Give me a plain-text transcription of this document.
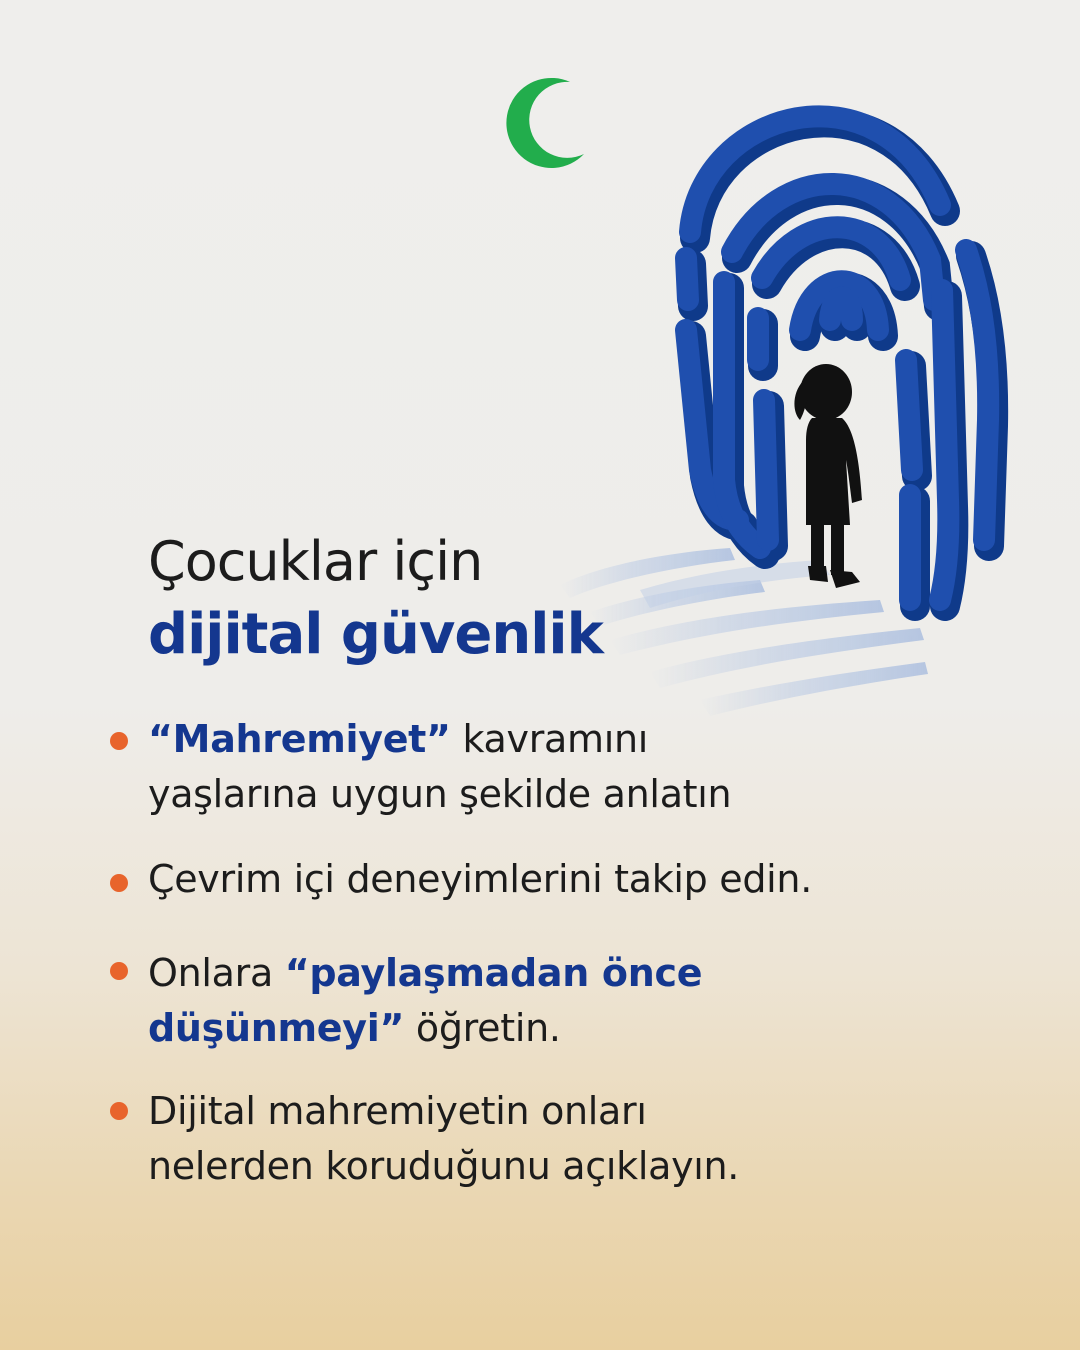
Çocuklar için
dijital güvenlik

“Mahremiyet” kavramını
yaşlarına uygun şekilde anlatın

Çevrim içi deneyimlerini takip edin.

Onlara “paylaşmadan önce
düşünmeyi” öğretin.

Dijital mahremiyetin onları
nelerden koruduğunu açıklayın.
